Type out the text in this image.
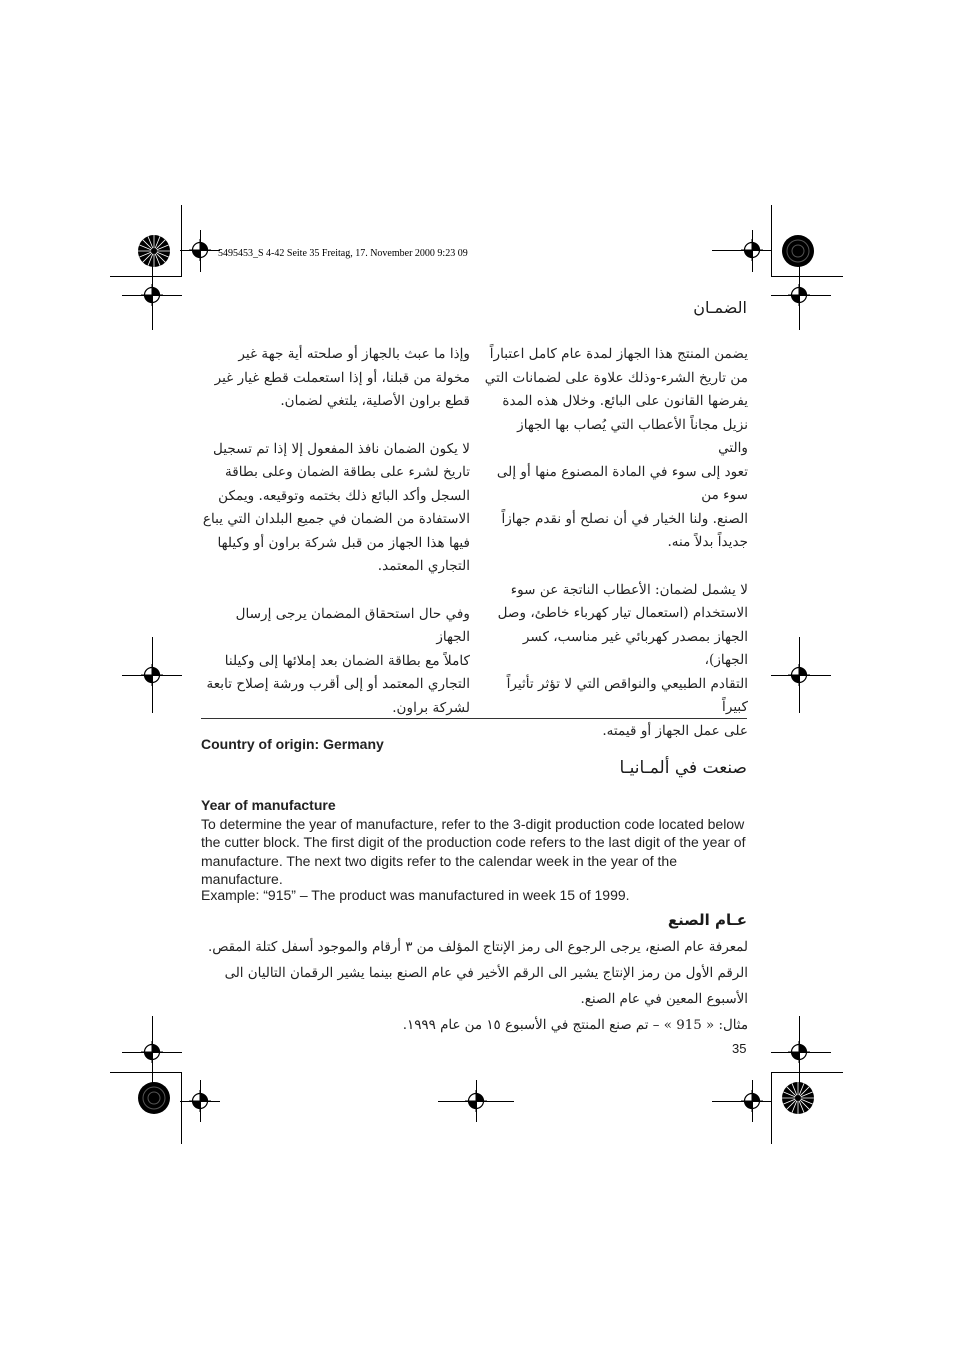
5495453_S 4-42 Seite 35 Freitag, 17. November 2000 9:23 09
الضمـان

يضمن المنتج هذا الجهاز لمدة عام كامل اعتباراً
من تاريخ الشرء-وذلك علاوة على لضمانات التي
يفرضها القانون على البائع. وخلال هذه المدة
نزيل مجاناً الأعطاب التي يُصاب بها الجهاز والتي
تعود إلى سوء في المادة المصنوع منها أو إلى سوء من
الصنع. ولنا الخيار في أن نصلح أو نقدم جهازاً
جديداً بدلاً منه.

لا يشمل لضمان: الأعطاب الناتجة عن سوء
الاستخدام (استعمال تيار كهرباء خاطئ، وصل
الجهاز بمصدر كهربائي غير مناسب، كسر الجهاز)،
التقادم الطبيعي والنواقص التي لا تؤثر تأثيراً كبيراً
على عمل الجهاز أو قيمته.

وإذا ما عبث بالجهاز أو صلحته أية جهة غير
مخولة من قبلنا، أو إذا استعملت قطع غيار غير
قطع براون الأصلية، يلتغي لضمان.

لا يكون الضمان نافذ المفعول إلا إذا تم تسجيل
تاريخ لشرء على بطاقة الضمان وعلى بطاقة
السجل وأكد البائع ذلك بختمه وتوقيعه. ويمكن
الاستفادة من الضمان في جميع البلدان التي يباع
فيها هذا الجهاز من قبل شركة براون أو وكيلها
التجاري المعتمد.

وفي حال استحقاق المضمان يرجى إرسال الجهاز
كاملاً مع بطاقة الضمان بعد إملائها إلى وكيلنا
التجاري المعتمد أو إلى أقرب ورشة إصلاح تابعة
لشركة براون.

Country of origin: Germany
صنعت في ألمـانيـا
Year of manufacture
To determine the year of manufacture, refer to the 3-digit production code located below the cutter block. The first digit of the production code refers to the last digit of the year of manufacture. The next two digits refer to the calendar week in the year of the manufacture.
Example: “915” – The product was manufactured in week 15 of 1999.
عـام الصنع

لمعرفة عام الصنع، يرجى الرجوع الى رمز الإنتاج المؤلف من ٣ أرقام والموجود أسفل كتلة المقص. الرقم الأول من رمز الإنتاج يشير الى الرقم الأخير في عام الصنع بينما يشير الرقمان التاليان الى الأسبوع المعين في عام الصنع.

مثال: « 915 » – تم صنع المنتج في الأسبوع ١٥ من عام ١٩٩٩.

35
